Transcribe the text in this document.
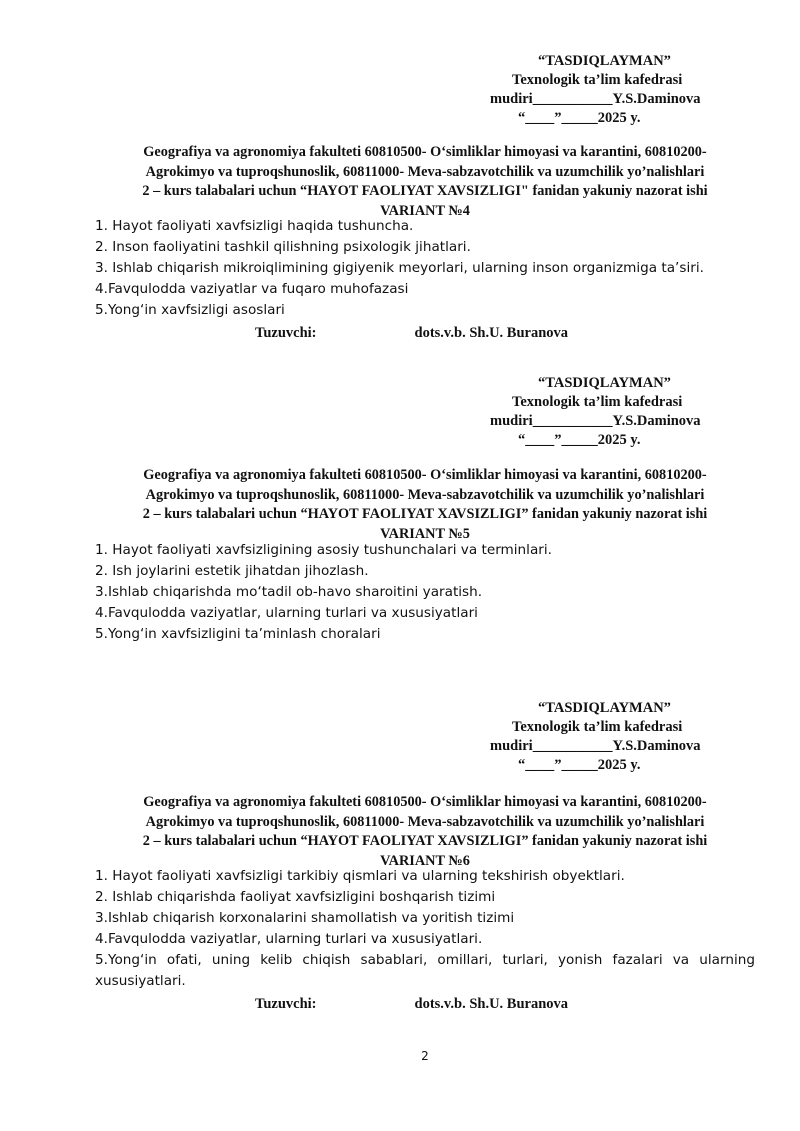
“TASDIQLAYMAN”
Texnologik ta’lim kafedrasi
mudiri___________Y.S.Daminova
“____”_____2025 y.
Geografiya va agronomiya fakulteti 60810500- O‘simliklar himoyasi va karantini, 60810200-
Agrokimyo va tuproqshunoslik, 60811000- Meva-sabzavotchilik va uzumchilik yo’nalishlari
2 – kurs talabalari uchun “HAYOT FAOLIYAT XAVSIZLIGI" fanidan yakuniy nazorat ishi
VARIANT №4
1. Hayot faoliyati xavfsizligi haqida tushuncha.
2. Inson faoliyatini tashkil qilishning psixologik jihatlari.
3. Ishlab chiqarish mikroiqlimining gigiyenik meyorlari, ularning inson organizmiga ta’siri.
4.Favqulodda vaziyatlar va fuqaro muhofazasi
5.Yong‘in xavfsizligi asoslari
Tuzuvchi:	dots.v.b. Sh.U. Buranova
“TASDIQLAYMAN”
Texnologik ta’lim kafedrasi
mudiri___________Y.S.Daminova
“____”_____2025 y.
Geografiya va agronomiya fakulteti 60810500- O‘simliklar himoyasi va karantini, 60810200-
Agrokimyo va tuproqshunoslik, 60811000- Meva-sabzavotchilik va uzumchilik yo’nalishlari
2 – kurs talabalari uchun “HAYOT FAOLIYAT XAVSIZLIGI” fanidan yakuniy nazorat ishi
VARIANT №5
1. Hayot faoliyati xavfsizligining asosiy tushunchalari va terminlari.
2. Ish joylarini estetik jihatdan jihozlash.
3.Ishlab chiqarishda mo‘tadil ob-havo sharoitini yaratish.
4.Favqulodda vaziyatlar, ularning turlari va xususiyatlari
5.Yong‘in xavfsizligini ta’minlash choralari
“TASDIQLAYMAN”
Texnologik ta’lim kafedrasi
mudiri___________Y.S.Daminova
“____”_____2025 y.
Geografiya va agronomiya fakulteti 60810500- O‘simliklar himoyasi va karantini, 60810200-
Agrokimyo va tuproqshunoslik, 60811000- Meva-sabzavotchilik va uzumchilik yo’nalishlari
2 – kurs talabalari uchun “HAYOT FAOLIYAT XAVSIZLIGI” fanidan yakuniy nazorat ishi
VARIANT №6
1. Hayot faoliyati xavfsizligi tarkibiy qismlari va ularning tekshirish obyektlari.
2. Ishlab chiqarishda faoliyat xavfsizligini boshqarish tizimi
3.Ishlab chiqarish korxonalarini shamollatish va yoritish tizimi
4.Favqulodda vaziyatlar, ularning turlari va xususiyatlari.
5.Yong‘in ofati, uning kelib chiqish sabablari, omillari, turlari, yonish fazalari va ularning xususiyatlari.
Tuzuvchi:	dots.v.b. Sh.U. Buranova
2
